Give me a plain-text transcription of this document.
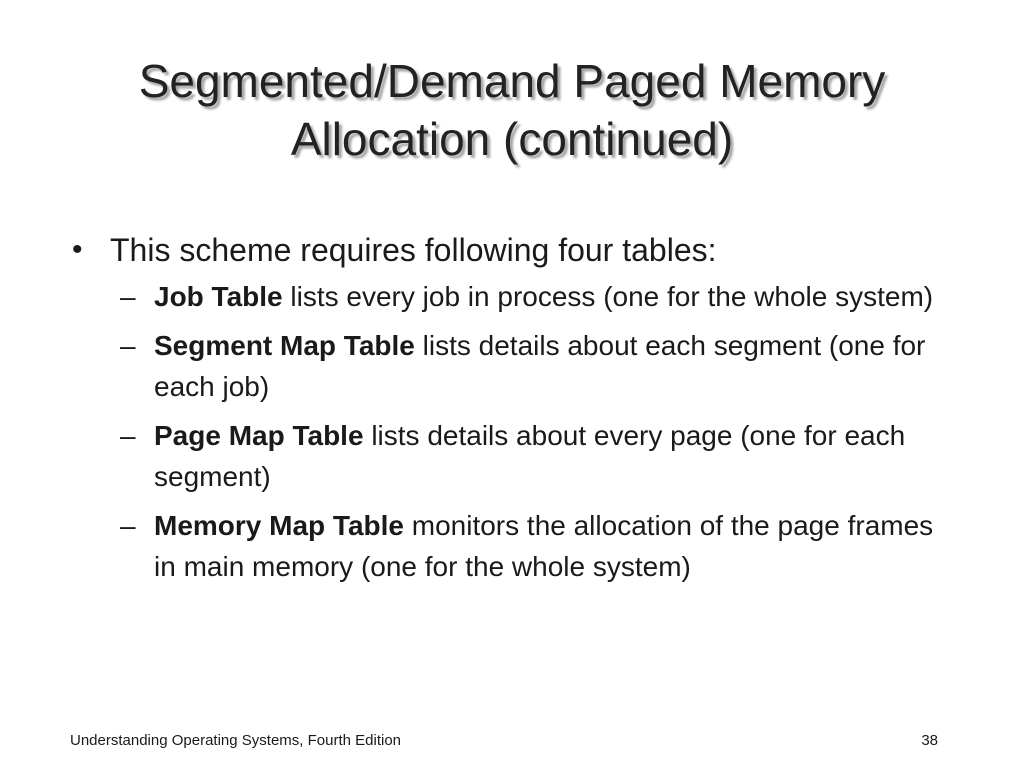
Segmented/Demand Paged Memory
Allocation (continued)
• This scheme requires following four tables:
– Job Table lists every job in process (one for the whole system)
– Segment Map Table lists details about each segment (one for each job)
– Page Map Table lists details about every page (one for each segment)
– Memory Map Table monitors the allocation of the page frames in main memory (one for the whole system)
Understanding Operating Systems, Fourth Edition	38
